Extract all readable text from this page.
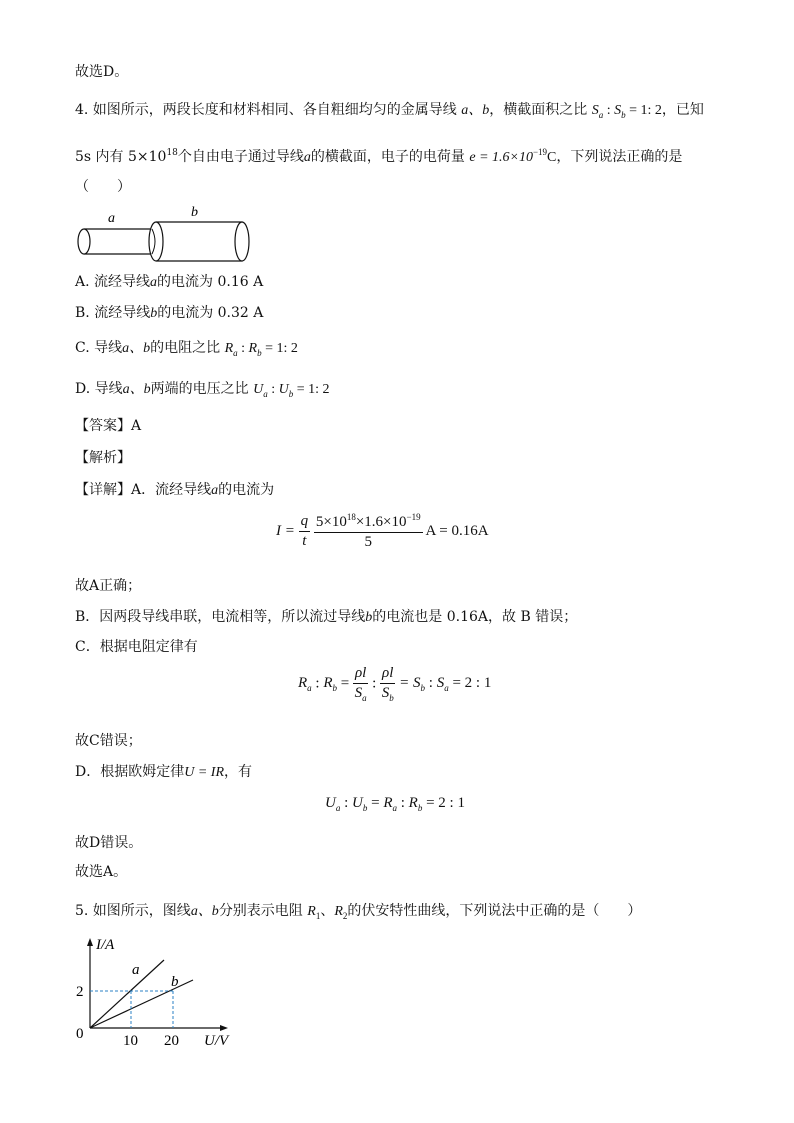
故选D。
4. 如图所示，两段长度和材料相同、各自粗细均匀的金属导线 a、b，横截面积之比 $S_a$ : $S_b = 1$: 2，已知
5s 内有 $5\times 10^{18}$个自由电子通过导线a的横截面，电子的电荷量 $e = 1.6\times 10^{-19}C$，下列说法正确的是
（　　）
a	b
A. 流经导线a的电流为 0.16 A
B. 流经导线b的电流为 0.32 A
C. 导线a、b的电阻之比 $R_a$ : $R_b = 1$: 2
D. 导线a、b两端的电压之比 $U_a$ : $U_b = 1$: 2
【答案】A
【解析】
【详解】A．流经导线a的电流为
$I = \frac{q}{t}$
$\frac{5\times 10^{18}\times 1.6\times 10^{-19}}{5}$ A = 0.16A
故A正确；
B．因两段导线串联，电流相等，所以流过导线b的电流也是 0.16A，故 B 错误；
C．根据电阻定律有
$R_a$ : $R_b = \frac{\rho l}{S_a}$ : $\frac{\rho l}{S_b} = S_b$ : $S_a = 2$ : 1
故C错误；
D．根据欧姆定律U = IR，有
$U_a$ : $U_b = R_a$ : $R_b = 2$ : 1
故D错误。
故选A。
5. 如图所示，图线a、b分别表示电阻 $R_1$、$R_2$的伏安特性曲线，下列说法中正确的是（　　）
I/A
U/V
0
2
10 20
a
b
